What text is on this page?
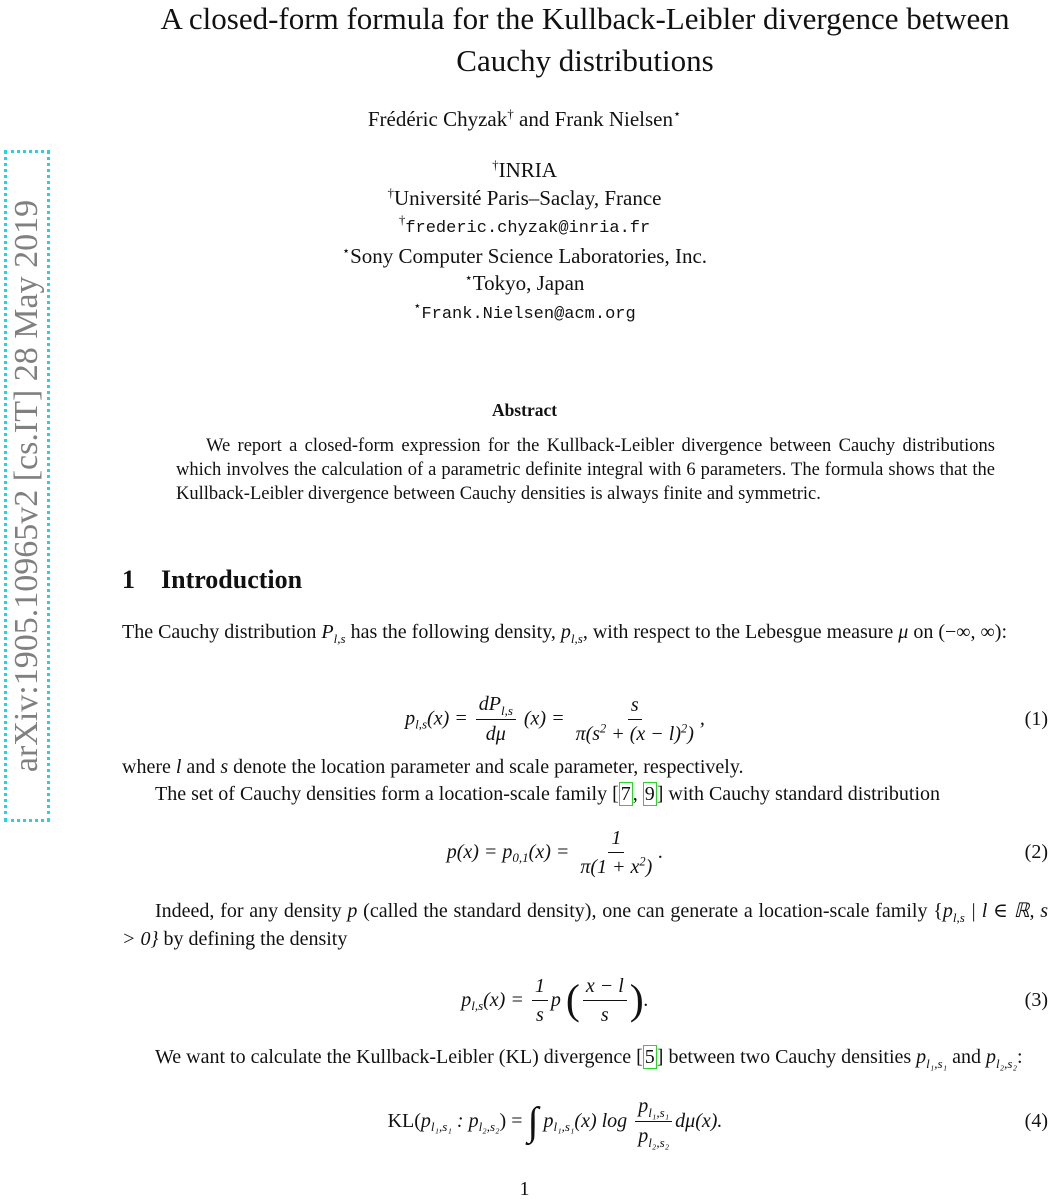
arXiv:1905.10965v2 [cs.IT] 28 May 2019
A closed-form formula for the Kullback-Leibler divergence between Cauchy distributions
Frédéric Chyzak† and Frank Nielsen⋆
†INRIA
†Université Paris–Saclay, France
†frederic.chyzak@inria.fr
⋆Sony Computer Science Laboratories, Inc.
⋆Tokyo, Japan
⋆Frank.Nielsen@acm.org
Abstract
We report a closed-form expression for the Kullback-Leibler divergence between Cauchy distributions which involves the calculation of a parametric definite integral with 6 parameters. The formula shows that the Kullback-Leibler divergence between Cauchy densities is always finite and symmetric.
1 Introduction
The Cauchy distribution $P_{l,s}$ has the following density, $p_{l,s}$, with respect to the Lebesgue measure μ on (−∞, ∞):
$p_{l,s}(x) = \frac{dP_{l,s}}{d\mu} (x) = \frac{s}{\pi(s^2 + (x - l)^2)}$ ,	(1)
where l and s denote the location parameter and scale parameter, respectively.
The set of Cauchy densities form a location-scale family [ 7 , 9 ] with Cauchy standard distribution
$p(x) = p_{0,1}(x) = \frac{1}{\pi(1 + x^2)}$ .	(2)
Indeed, for any density p (called the standard density), one can generate a location-scale family {$p_{l,s}$ | l ∈ ℝ, s > 0} by defining the density
$p_{l,s}(x) = \frac{1}{s}$ p ( $\frac{x - l}{s}$ ).	(3)
We want to calculate the Kullback-Leibler (KL) divergence [ 5 ] between two Cauchy densities $p_{l_1,s_1}$ and $p_{l_2,s_2}$:
$KL(p_{l_1,s_1}$ : $p_{l_2,s_2}$) = ∫ $p_{l_1,s_1}(x)$ $\log \frac{p_{l_1,s_1}}{p_{l_2,s_2}} d\mu(x)$.	(4)
1
